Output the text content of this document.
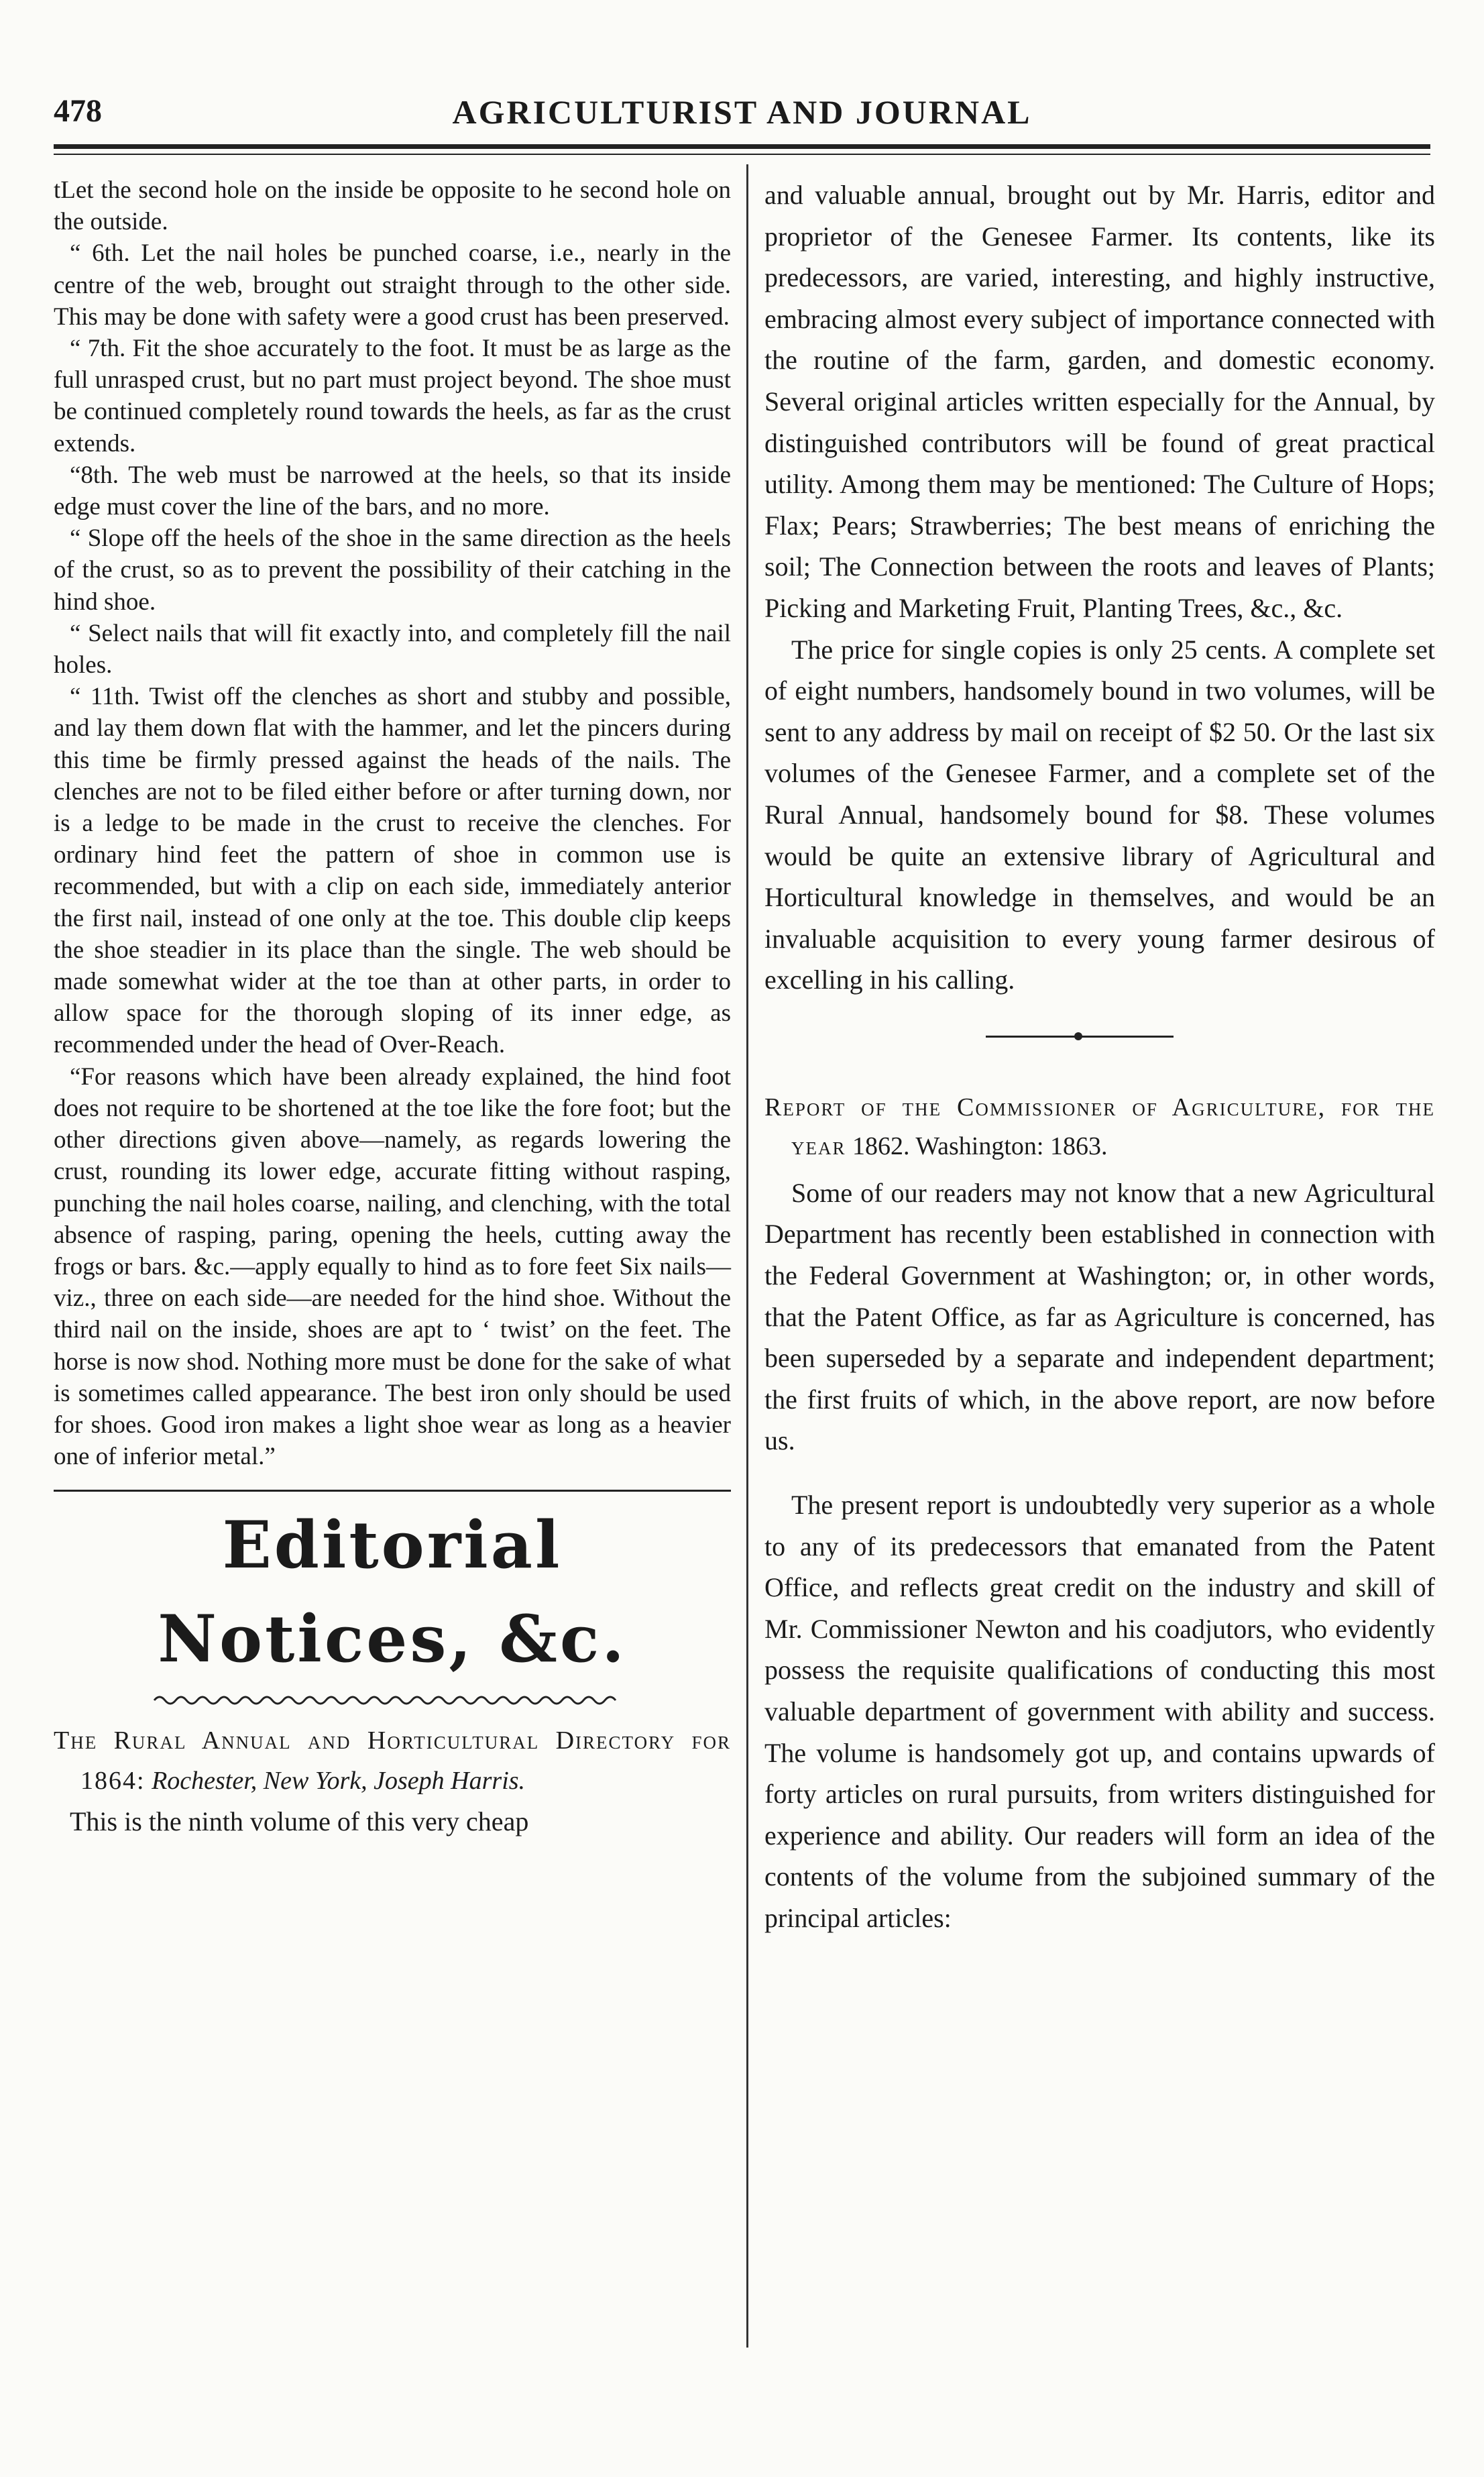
478	AGRICULTURIST AND JOURNAL

tLet the second hole on the inside be opposite to he second hole on the outside.

“ 6th. Let the nail holes be punched coarse, i.e., nearly in the centre of the web, brought out straight through to the other side. This may be done with safety were a good crust has been preserved.

“ 7th. Fit the shoe accurately to the foot. It must be as large as the full unrasped crust, but no part must project beyond. The shoe must be continued completely round towards the heels, as far as the crust extends.

“8th. The web must be narrowed at the heels, so that its inside edge must cover the line of the bars, and no more.

“ Slope off the heels of the shoe in the same direction as the heels of the crust, so as to prevent the possibility of their catching in the hind shoe.

“ Select nails that will fit exactly into, and completely fill the nail holes.

“ 11th. Twist off the clenches as short and stubby and possible, and lay them down flat with the hammer, and let the pincers during this time be firmly pressed against the heads of the nails. The clenches are not to be filed either before or after turning down, nor is a ledge to be made in the crust to receive the clenches. For ordinary hind feet the pattern of shoe in common use is recommended, but with a clip on each side, immediately anterior the first nail, instead of one only at the toe. This double clip keeps the shoe steadier in its place than the single. The web should be made somewhat wider at the toe than at other parts, in order to allow space for the thorough sloping of its inner edge, as recommended under the head of Over-Reach.

“For reasons which have been already explained, the hind foot does not require to be shortened at the toe like the fore foot; but the other directions given above—namely, as regards lowering the crust, rounding its lower edge, accurate fitting without rasping, punching the nail holes coarse, nailing, and clenching, with the total absence of rasping, paring, opening the heels, cutting away the frogs or bars. &c.—apply equally to hind as to fore feet Six nails—viz., three on each side—are needed for the hind shoe. Without the third nail on the inside, shoes are apt to ‘ twist’ on the feet. The horse is now shod. Nothing more must be done for the sake of what is sometimes called appearance. The best iron only should be used for shoes. Good iron makes a light shoe wear as long as a heavier one of inferior metal.”

Editorial Notices, &c.

The Rural Annual and Horticultural Directory for 1864: Rochester, New York, Joseph Harris.

This is the ninth volume of this very cheap

and valuable annual, brought out by Mr. Harris, editor and proprietor of the Genesee Farmer. Its contents, like its predecessors, are varied, interesting, and highly instructive, embracing almost every subject of importance connected with the routine of the farm, garden, and domestic economy. Several original articles written especially for the Annual, by distinguished contributors will be found of great practical utility. Among them may be mentioned: The Culture of Hops; Flax; Pears; Strawberries; The best means of enriching the soil; The Connection between the roots and leaves of Plants; Picking and Marketing Fruit, Planting Trees, &c., &c.

The price for single copies is only 25 cents. A complete set of eight numbers, handsomely bound in two volumes, will be sent to any address by mail on receipt of $2 50. Or the last six volumes of the Genesee Farmer, and a complete set of the Rural Annual, handsomely bound for $8. These volumes would be quite an extensive library of Agricultural and Horticultural knowledge in themselves, and would be an invaluable acquisition to every young farmer desirous of excelling in his calling.

Report of the Commissioner of Agriculture, for the year 1862. Washington: 1863.

Some of our readers may not know that a new Agricultural Department has recently been established in connection with the Federal Government at Washington; or, in other words, that the Patent Office, as far as Agriculture is concerned, has been superseded by a separate and independent department; the first fruits of which, in the above report, are now before us.

The present report is undoubtedly very superior as a whole to any of its predecessors that emanated from the Patent Office, and reflects great credit on the industry and skill of Mr. Commissioner Newton and his coadjutors, who evidently possess the requisite qualifications of conducting this most valuable department of government with ability and success. The volume is handsomely got up, and contains upwards of forty articles on rural pursuits, from writers distinguished for experience and ability. Our readers will form an idea of the contents of the volume from the subjoined summary of the principal articles:
